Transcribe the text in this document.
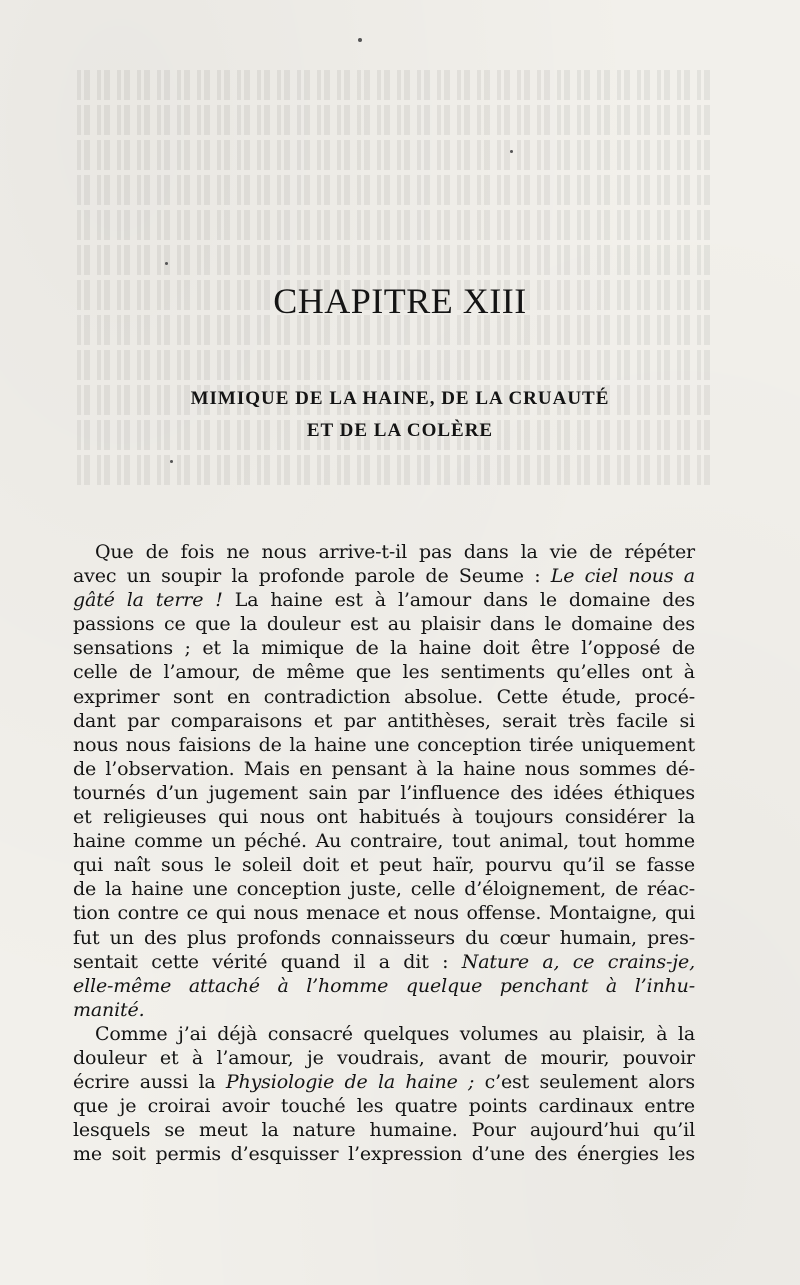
CHAPITRE XIII
MIMIQUE DE LA HAINE, DE LA CRUAUTÉ
ET DE LA COLÈRE
Que de fois ne nous arrive-t-il pas dans la vie de répéter
avec un soupir la profonde parole de Seume : Le ciel nous a
gâté la terre ! La haine est à l’amour dans le domaine des
passions ce que la douleur est au plaisir dans le domaine des
sensations ; et la mimique de la haine doit être l’opposé de
celle de l’amour, de même que les sentiments qu’elles ont à
exprimer sont en contradiction absolue. Cette étude, procé-
dant par comparaisons et par antithèses, serait très facile si
nous nous faisions de la haine une conception tirée uniquement
de l’observation. Mais en pensant à la haine nous sommes dé-
tournés d’un jugement sain par l’influence des idées éthiques
et religieuses qui nous ont habitués à toujours considérer la
haine comme un péché. Au contraire, tout animal, tout homme
qui naît sous le soleil doit et peut haïr, pourvu qu’il se fasse
de la haine une conception juste, celle d’éloignement, de réac-
tion contre ce qui nous menace et nous offense. Montaigne, qui
fut un des plus profonds connaisseurs du cœur humain, pres-
sentait cette vérité quand il a dit : Nature a, ce crains-je,
elle-même attaché à l’homme quelque penchant à l’inhu-
manité.
Comme j’ai déjà consacré quelques volumes au plaisir, à la
douleur et à l’amour, je voudrais, avant de mourir, pouvoir
écrire aussi la Physiologie de la haine ; c’est seulement alors
que je croirai avoir touché les quatre points cardinaux entre
lesquels se meut la nature humaine. Pour aujourd’hui qu’il
me soit permis d’esquisser l’expression d’une des énergies les
